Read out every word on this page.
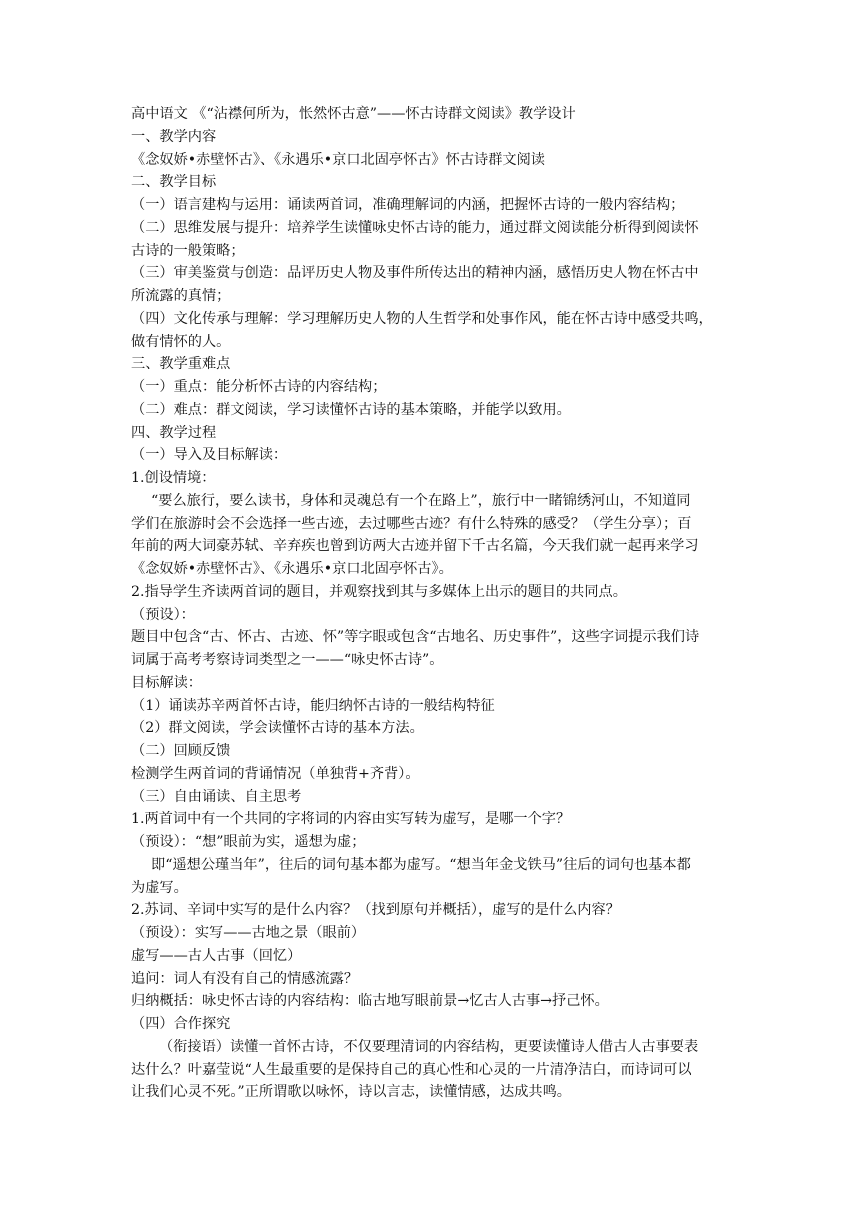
高中语文 《“沾襟何所为，怅然怀古意”——怀古诗群文阅读》教学设计
一、教学内容
《念奴娇•赤壁怀古》、《永遇乐•京口北固亭怀古》怀古诗群文阅读
二、教学目标
（一）语言建构与运用：诵读两首词，准确理解词的内涵，把握怀古诗的一般内容结构；
（二）思维发展与提升：培养学生读懂咏史怀古诗的能力，通过群文阅读能分析得到阅读怀
古诗的一般策略；
（三）审美鉴赏与创造：品评历史人物及事件所传达出的精神内涵，感悟历史人物在怀古中
所流露的真情；
（四）文化传承与理解：学习理解历史人物的人生哲学和处事作风，能在怀古诗中感受共鸣，
做有情怀的人。
三、教学重难点
（一）重点：能分析怀古诗的内容结构；
（二）难点：群文阅读，学习读懂怀古诗的基本策略，并能学以致用。
四、教学过程
（一）导入及目标解读：
1.创设情境：
“要么旅行，要么读书，身体和灵魂总有一个在路上”，旅行中一睹锦绣河山，不知道同
学们在旅游时会不会选择一些古迹，去过哪些古迹？有什么特殊的感受？（学生分享）；百
年前的两大词豪苏轼、辛弃疾也曾到访两大古迹并留下千古名篇，今天我们就一起再来学习
《念奴娇•赤壁怀古》、《永遇乐•京口北固亭怀古》。
2.指导学生齐读两首词的题目，并观察找到其与多媒体上出示的题目的共同点。
（预设）：
题目中包含“古、怀古、古迹、怀”等字眼或包含“古地名、历史事件”，这些字词提示我们诗
词属于高考考察诗词类型之一——“咏史怀古诗”。
目标解读：
（1）诵读苏辛两首怀古诗，能归纳怀古诗的一般结构特征
（2）群文阅读，学会读懂怀古诗的基本方法。
（二）回顾反馈
检测学生两首词的背诵情况（单独背+齐背）。
（三）自由诵读、自主思考
1.两首词中有一个共同的字将词的内容由实写转为虚写，是哪一个字？
（预设）：“想”眼前为实，遥想为虚；
即“遥想公瑾当年”，往后的词句基本都为虚写。“想当年金戈铁马”往后的词句也基本都
为虚写。
2.苏词、辛词中实写的是什么内容？（找到原句并概括），虚写的是什么内容？
（预设）：实写——古地之景（眼前）
虚写——古人古事（回忆）
追问：词人有没有自己的情感流露？
归纳概括：咏史怀古诗的内容结构：临古地写眼前景→忆古人古事→抒己怀。
（四）合作探究
（衔接语）读懂一首怀古诗，不仅要理清词的内容结构，更要读懂诗人借古人古事要表
达什么？叶嘉莹说“人生最重要的是保持自己的真心性和心灵的一片清净洁白，而诗词可以
让我们心灵不死。”正所谓歌以咏怀，诗以言志，读懂情感，达成共鸣。
